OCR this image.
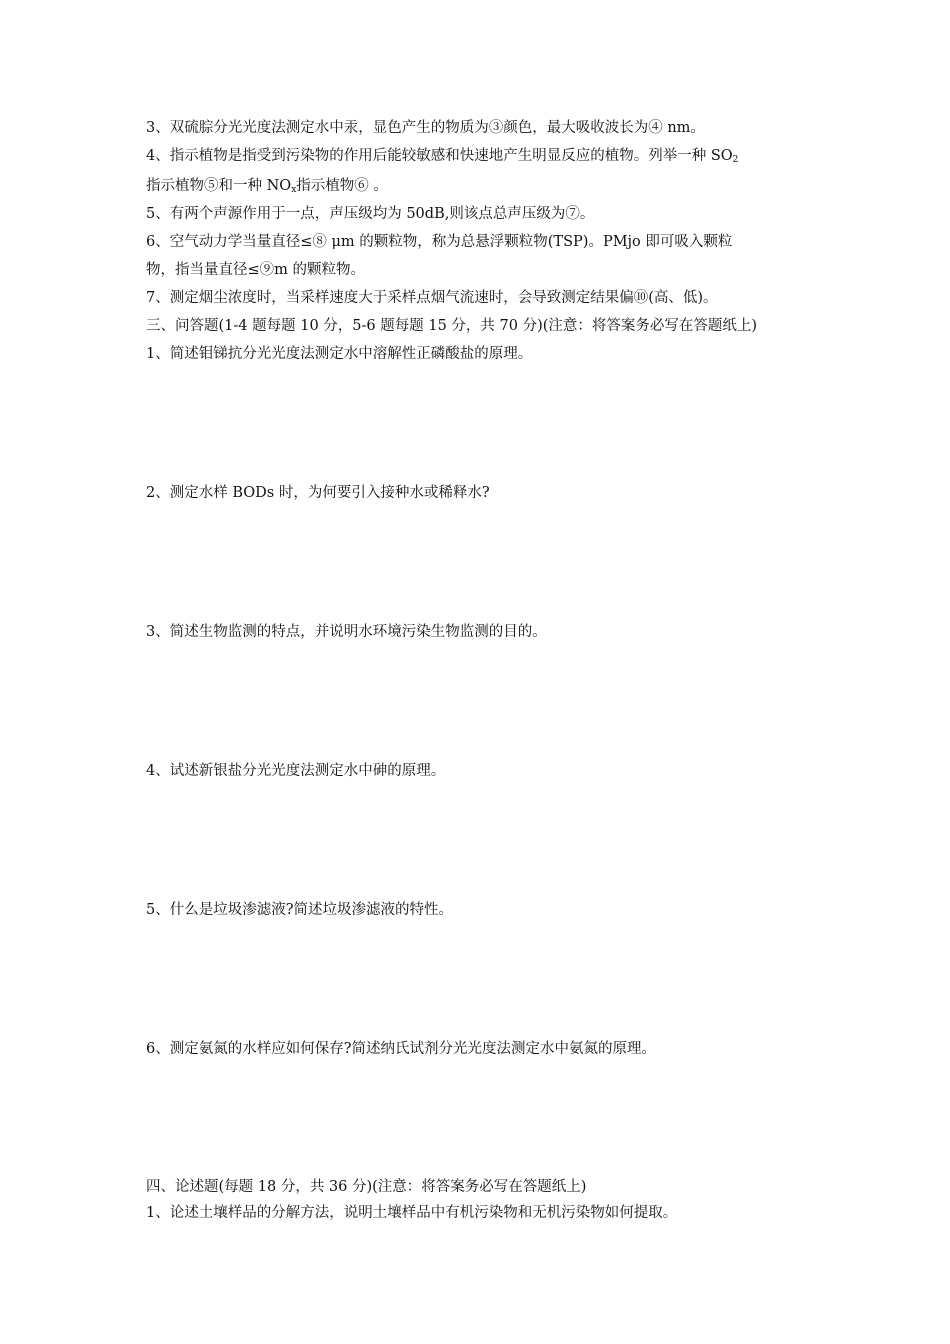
3、双硫腙分光光度法测定水中汞，显色产生的物质为③颜色，最大吸收波长为④ nm。
4、指示植物是指受到污染物的作用后能较敏感和快速地产生明显反应的植物。列举一种 $SO_2$
指示植物⑤和一种 $NO_x$指示植物⑥ 。
5、有两个声源作用于一点，声压级均为 50dB,则该点总声压级为⑦。
6、空气动力学当量直径≤⑧ μm 的颗粒物，称为总悬浮颗粒物(TSP)。PMjo 即可吸入颗粒
物，指当量直径≤⑨m 的颗粒物。
7、测定烟尘浓度时，当采样速度大于采样点烟气流速时，会导致测定结果偏⑩(高、低)。
三、问答题(1-4 题每题 10 分，5-6 题每题 15 分，共 70 分)(注意：将答案务必写在答题纸上)
1、简述钼锑抗分光光度法测定水中溶解性正磷酸盐的原理。
2、测定水样 BODs 时，为何要引入接种水或稀释水?
3、简述生物监测的特点，并说明水环境污染生物监测的目的。
4、试述新银盐分光光度法测定水中砷的原理。
5、什么是垃圾渗滤液?简述垃圾渗滤液的特性。
6、测定氨氮的水样应如何保存?简述纳氏试剂分光光度法测定水中氨氮的原理。
四、论述题(每题 18 分，共 36 分)(注意：将答案务必写在答题纸上)
1、论述土壤样品的分解方法，说明土壤样品中有机污染物和无机污染物如何提取。
